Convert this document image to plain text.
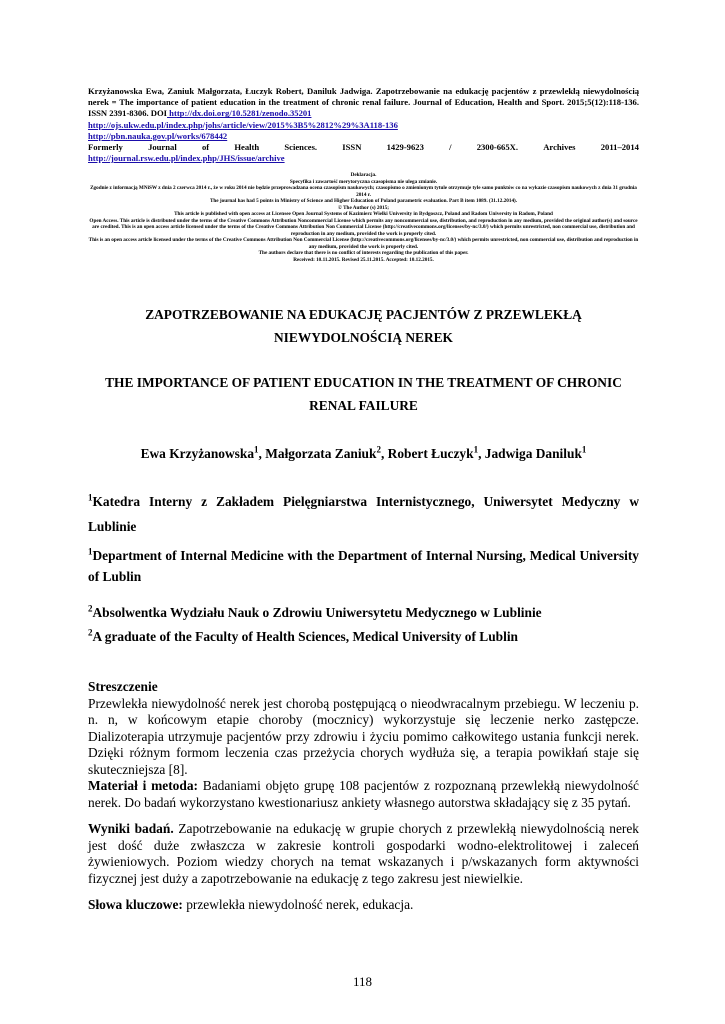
Krzyżanowska Ewa, Zaniuk Małgorzata, Łuczyk Robert, Daniluk Jadwiga. Zapotrzebowanie na edukację pacjentów z przewlekłą niewydolnością nerek = The importance of patient education in the treatment of chronic renal failure. Journal of Education, Health and Sport. 2015;5(12):118-136. ISSN 2391-8306. DOI http://dx.doi.org/10.5281/zenodo.35201
http://ojs.ukw.edu.pl/index.php/johs/article/view/2015%3B5%2812%29%3A118-136
http://pbn.nauka.gov.pl/works/678442
Formerly	Journal	of	Health	Sciences.	ISSN	1429-9623	/	2300-665X.	Archives	2011–2014
http://journal.rsw.edu.pl/index.php/JHS/issue/archive
Deklaracja.
Specyfika i zawartość merytoryczna czasopisma nie ulega zmianie.
Zgodnie z informacją MNiSW z dnia 2 czerwca 2014 r., że w roku 2014 nie będzie przeprowadzana ocena czasopism naukowych; czasopismo o zmienionym tytule otrzymuje tyle samo punktów co na wykazie czasopism naukowych z dnia 31 grudnia 2014 r.
The journal has had 5 points in Ministry of Science and Higher Education of Poland parametric evaluation. Part B item 1089. (31.12.2014).
© The Author (s) 2015;
This article is published with open access at Licensee Open Journal Systems of Kazimierz Wielki University in Bydgoszcz, Poland and Radom University in Radom, Poland
Open Access. This article is distributed under the terms of the Creative Commons Attribution Noncommercial License which permits any noncommercial use, distribution, and reproduction in any medium, provided the original author(s) and source are credited. This is an open access article licensed under the terms of the Creative Commons Attribution Non Commercial License (http://creativecommons.org/licenses/by-nc/3.0/) which permits unrestricted, non commercial use, distribution and reproduction in any medium, provided the work is properly cited.
This is an open access article licensed under the terms of the Creative Commons Attribution Non Commercial License (http://creativecommons.org/licenses/by-nc/3.0/) which permits unrestricted, non commercial use, distribution and reproduction in any medium, provided the work is properly cited.
The authors declare that there is no conflict of interests regarding the publication of this paper.
Received: 10.11.2015. Revised 25.11.2015. Accepted: 10.12.2015.
ZAPOTRZEBOWANIE NA EDUKACJĘ PACJENTÓW Z PRZEWLEKŁĄ NIEWYDOLNOŚCIĄ NEREK
THE IMPORTANCE OF PATIENT EDUCATION IN THE TREATMENT OF CHRONIC RENAL FAILURE
Ewa Krzyżanowska$^1$, Małgorzata Zaniuk$^2$, Robert Łuczyk$^1$, Jadwiga Daniluk$^1$
$^1$Katedra Interny z Zakładem Pielęgniarstwa Internistycznego, Uniwersytet Medyczny w Lublinie
$^1$Department of Internal Medicine with the Department of Internal Nursing, Medical University of Lublin
$^2$Absolwentka Wydziału Nauk o Zdrowiu Uniwersytetu Medycznego w Lublinie
$^2$A graduate of the Faculty of Health Sciences, Medical University of Lublin
Streszczenie

Przewlekła niewydolność nerek jest chorobą postępującą o nieodwracalnym przebiegu. W leczeniu p. n. n, w końcowym etapie choroby (mocznicy) wykorzystuje się leczenie nerko zastępcze. Dializoterapia utrzymuje pacjentów przy zdrowiu i życiu pomimo całkowitego ustania funkcji nerek. Dzięki różnym formom leczenia czas przeżycia chorych wydłuża się, a terapia powikłań staje się skuteczniejsza [8].

Materiał i metoda: Badaniami objęto grupę 108 pacjentów z rozpoznaną przewlekłą niewydolność nerek. Do badań wykorzystano kwestionariusz ankiety własnego autorstwa składający się z 35 pytań.

Wyniki badań. Zapotrzebowanie na edukację w grupie chorych z przewlekłą niewydolnością nerek jest dość duże zwłaszcza w zakresie kontroli gospodarki wodno-elektrolitowej i zaleceń żywieniowych. Poziom wiedzy chorych na temat wskazanych i p/wskazanych form aktywności fizycznej jest duży a zapotrzebowanie na edukację z tego zakresu jest niewielkie.

Słowa kluczowe: przewlekła niewydolność nerek, edukacja.

118
